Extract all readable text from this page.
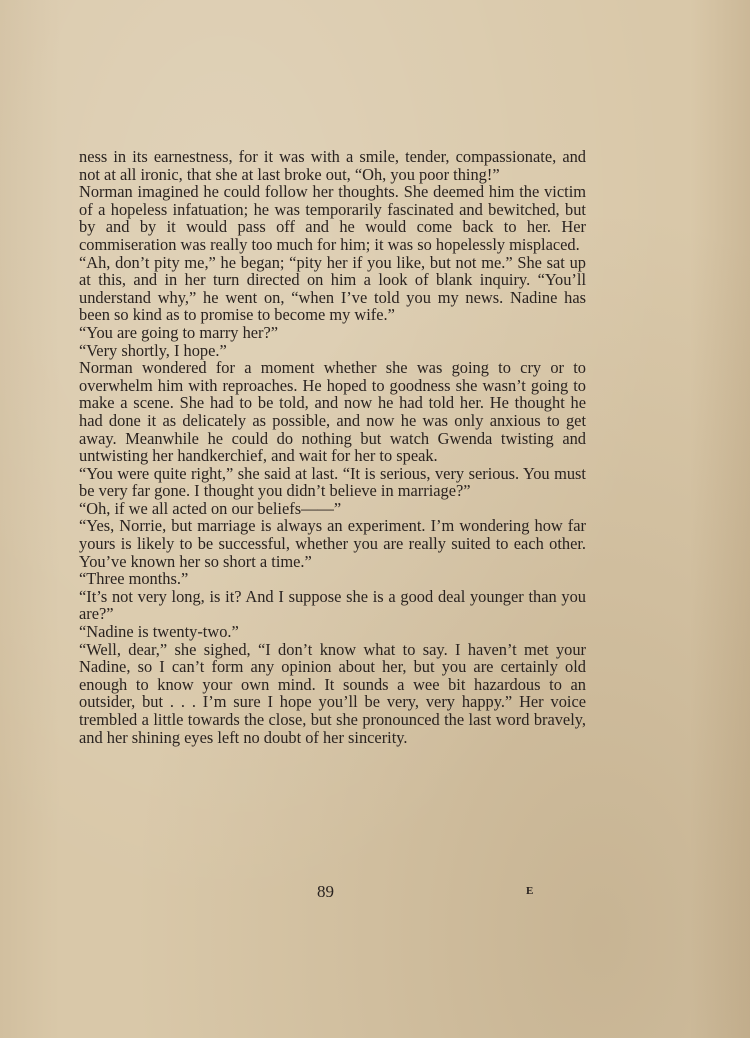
ness in its earnestness, for it was with a smile, tender, compassionate, and not at all ironic, that she at last broke out, “Oh, you poor thing!”

Norman imagined he could follow her thoughts. She deemed him the victim of a hopeless infatuation; he was temporarily fascinated and bewitched, but by and by it would pass off and he would come back to her. Her commiseration was really too much for him; it was so hopelessly misplaced.

“Ah, don’t pity me,” he began; “pity her if you like, but not me.” She sat up at this, and in her turn directed on him a look of blank inquiry. “You’ll understand why,” he went on, “when I’ve told you my news. Nadine has been so kind as to promise to become my wife.”

“You are going to marry her?”

“Very shortly, I hope.”

Norman wondered for a moment whether she was going to cry or to overwhelm him with reproaches. He hoped to goodness she wasn’t going to make a scene. She had to be told, and now he had told her. He thought he had done it as delicately as possible, and now he was only anxious to get away. Meanwhile he could do nothing but watch Gwenda twisting and untwisting her handkerchief, and wait for her to speak.

“You were quite right,” she said at last. “It is serious, very serious. You must be very far gone. I thought you didn’t believe in marriage?”

“Oh, if we all acted on our beliefs——”

“Yes, Norrie, but marriage is always an experiment. I’m wondering how far yours is likely to be successful, whether you are really suited to each other. You’ve known her so short a time.”

“Three months.”

“It’s not very long, is it? And I suppose she is a good deal younger than you are?”

“Nadine is twenty-two.”

“Well, dear,” she sighed, “I don’t know what to say. I haven’t met your Nadine, so I can’t form any opinion about her, but you are certainly old enough to know your own mind. It sounds a wee bit hazardous to an outsider, but . . . I’m sure I hope you’ll be very, very happy.” Her voice trembled a little towards the close, but she pronounced the last word bravely, and her shining eyes left no doubt of her sincerity.

89	E
